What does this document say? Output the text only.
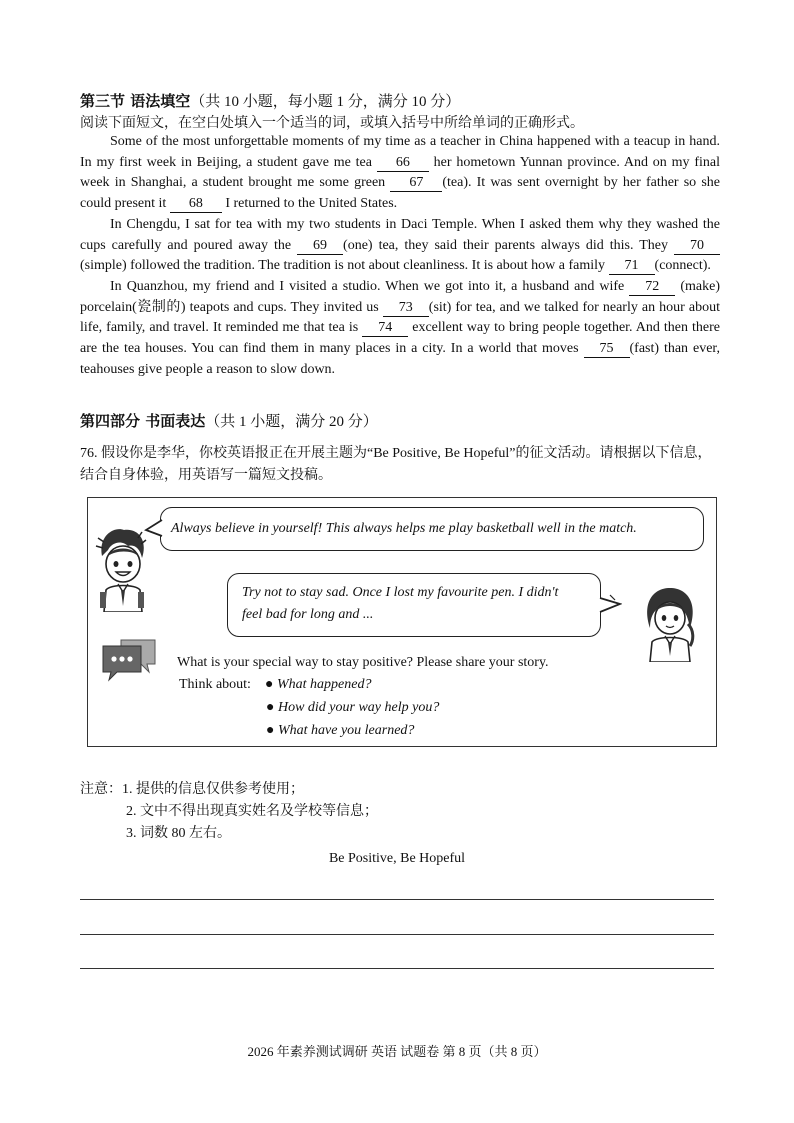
第三节 语法填空（共 10 小题，每小题 1 分，满分 10 分）
阅读下面短文，在空白处填入一个适当的词，或填入括号中所给单词的正确形式。

Some of the most unforgettable moments of my time as a teacher in China happened with a teacup in hand. In my first week in Beijing, a student gave me tea 66 her hometown Yunnan province. And on my final week in Shanghai, a student brought me some green 67 (tea). It was sent overnight by her father so she could present it 68 I returned to the United States.

In Chengdu, I sat for tea with my two students in Daci Temple. When I asked them why they washed the cups carefully and poured away the 69 (one) tea, they said their parents always did this. They 70(simple) followed the tradition. The tradition is not about cleanliness. It is about how a family 71 (connect).

In Quanzhou, my friend and I visited a studio. When we got into it, a husband and wife 72 (make) porcelain(瓷制的) teapots and cups. They invited us 73 (sit) for tea, and we talked for nearly an hour about life, family, and travel. It reminded me that tea is 74 excellent way to bring people together. And then there are the tea houses. You can find them in many places in a city. In a world that moves 75 (fast) than ever, teahouses give people a reason to slow down.

第四部分 书面表达（共 1 小题，满分 20 分）
76. 假设你是李华，你校英语报正在开展主题为“Be Positive, Be Hopeful”的征文活动。请根据以下信息，结合自身体验，用英语写一篇短文投稿。
Always believe in yourself! This always helps me play basketball well in the match.
Try not to stay sad. Once I lost my favourite pen. I didn't
feel bad for long and ...
What is your special way to stay positive? Please share your story.
Think about: ● What happened?
● How did your way help you?
● What have you learned?
注意：1. 提供的信息仅供参考使用；
2. 文中不得出现真实姓名及学校等信息；
3. 词数 80 左右。
Be Positive, Be Hopeful
2026 年素养测试调研 英语 试题卷 第 8 页（共 8 页）
